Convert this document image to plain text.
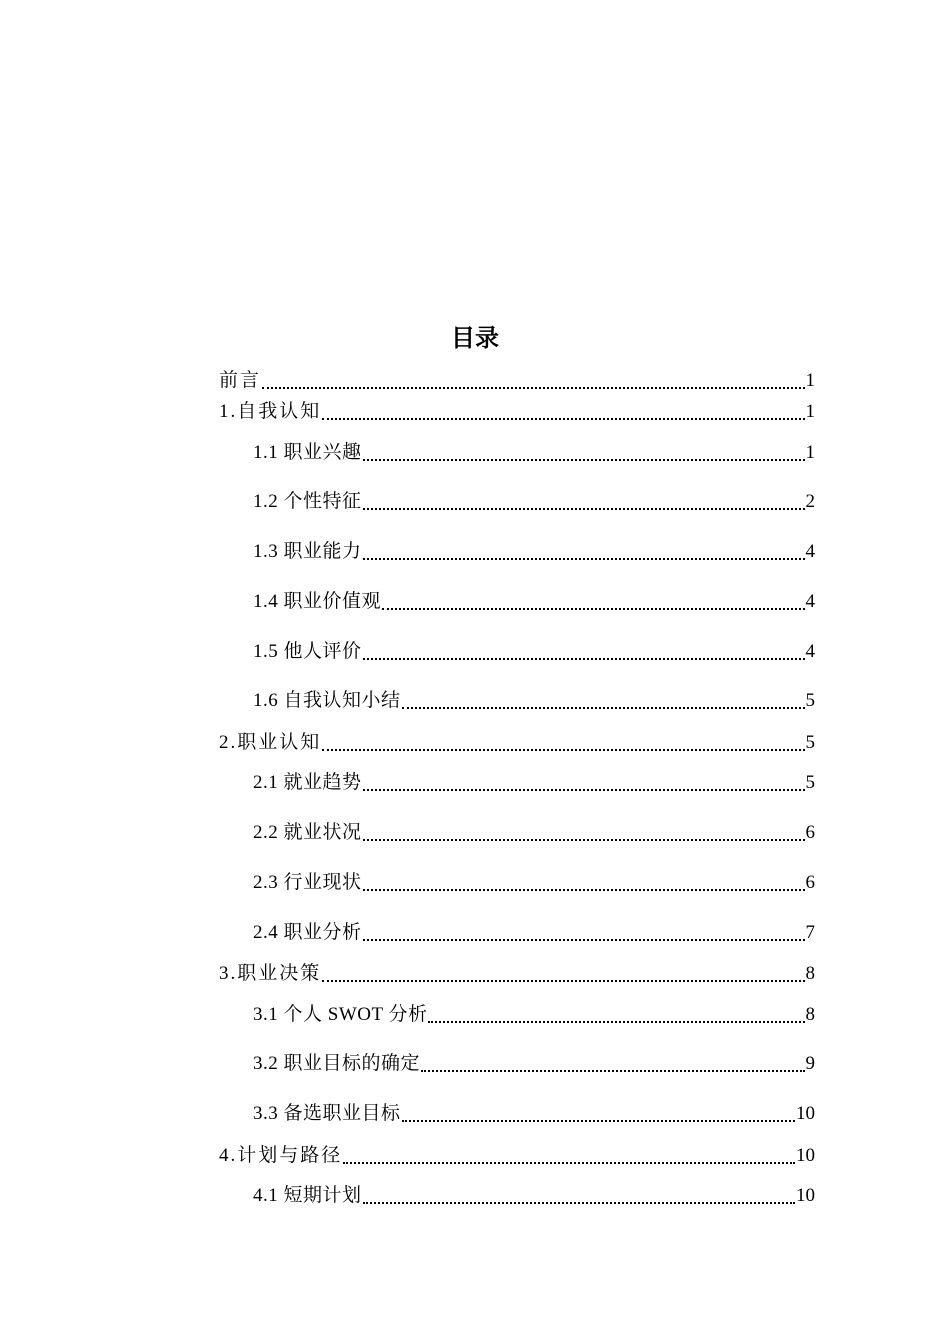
目录
前言	1
1.自我认知	1
1.1 职业兴趣	1
1.2 个性特征	2
1.3 职业能力	4
1.4 职业价值观	4
1.5 他人评价	4
1.6 自我认知小结	5
2.职业认知	5
2.1 就业趋势	5
2.2 就业状况	6
2.3 行业现状	6
2.4 职业分析	7
3.职业决策	8
3.1 个人 SWOT 分析	8
3.2 职业目标的确定	9
3.3 备选职业目标	10
4.计划与路径	10
4.1 短期计划	10
